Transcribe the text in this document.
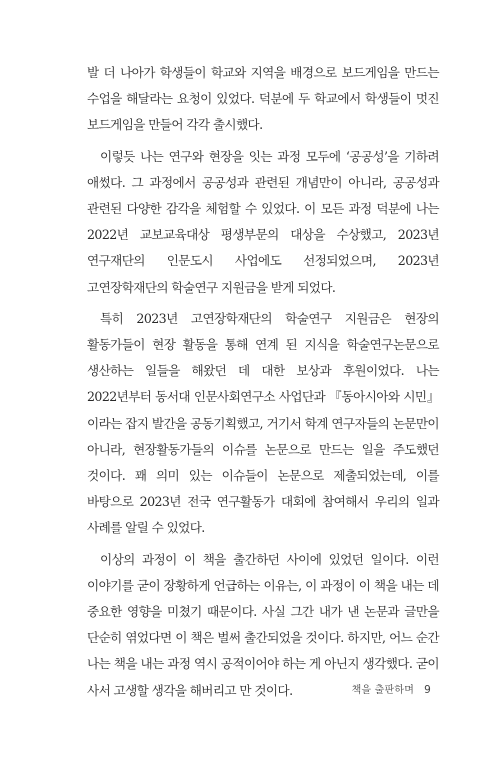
발 더 나아가 학생들이 학교와 지역을 배경으로 보드게임을 만드는 수업을 해달라는 요청이 있었다. 덕분에 두 학교에서 학생들이 멋진 보드게임을 만들어 각각 출시했다.

이렇듯 나는 연구와 현장을 잇는 과정 모두에 ‘공공성’을 기하려 애썼다. 그 과정에서 공공성과 관련된 개념만이 아니라, 공공성과 관련된 다양한 감각을 체험할 수 있었다. 이 모든 과정 덕분에 나는 2022년 교보교육대상 평생부문의 대상을 수상했고, 2023년 연구재단의 인문도시 사업에도 선정되었으며, 2023년 고연장학재단의 학술연구 지원금을 받게 되었다.

특히 2023년 고연장학재단의 학술연구 지원금은 현장의 활동가들이 현장 활동을 통해 연계 된 지식을 학술연구논문으로 생산하는 일들을 해왔던 데 대한 보상과 후원이었다. 나는 2022년부터 동서대 인문사회연구소 사업단과 『동아시아와 시민』이라는 잡지 발간을 공동기획했고, 거기서 학계 연구자들의 논문만이 아니라, 현장활동가들의 이슈를 논문으로 만드는 일을 주도했던 것이다. 꽤 의미 있는 이슈들이 논문으로 제출되었는데, 이를 바탕으로 2023년 전국 연구활동가 대회에 참여해서 우리의 일과 사례를 알릴 수 있었다.

이상의 과정이 이 책을 출간하던 사이에 있었던 일이다. 이런 이야기를 굳이 장황하게 언급하는 이유는, 이 과정이 이 책을 내는 데 중요한 영향을 미쳤기 때문이다. 사실 그간 내가 낸 논문과 글만을 단순히 엮었다면 이 책은 벌써 출간되었을 것이다. 하지만, 어느 순간 나는 책을 내는 과정 역시 공적이어야 하는 게 아닌지 생각했다. 굳이 사서 고생할 생각을 해버리고 만 것이다.	책을 출판하며 9
